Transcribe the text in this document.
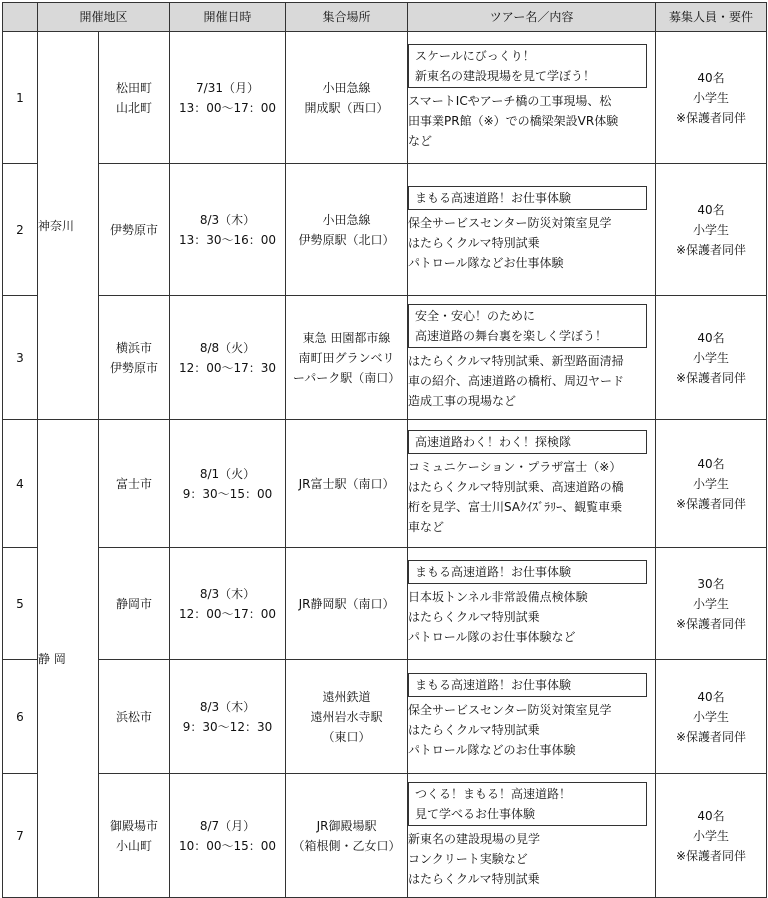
	開催地区		開催日時	集合場所	ツアー名／内容	募集人員・要件
1	神奈川	松田町
山北町	7/31（月）
13：00～17：00	小田急線
開成駅（西口）	スケールにびっくり！
新東名の建設現場を見て学ぼう！
スマートICやアーチ橋の工事現場、松
田事業PR館（※）での橋梁架設VR体験
など	40名
小学生
※保護者同伴

2		伊勢原市	8/3（木）
13：30～16：00	小田急線
伊勢原駅（北口）	まもる高速道路！お仕事体験
保全サービスセンター防災対策室見学
はたらくクルマ特別試乗
パトロール隊などお仕事体験	40名
小学生
※保護者同伴

3		横浜市
伊勢原市	8/8（火）
12：00～17：30	東急 田園都市線
南町田グランベリ
ーパーク駅（南口）	安全・安心！のために
高速道路の舞台裏を楽しく学ぼう！
はたらくクルマ特別試乗、新型路面清掃
車の紹介、高速道路の橋桁、周辺ヤード
造成工事の現場など	40名
小学生
※保護者同伴

4	静 岡	富士市	8/1（火）
9：30～15：00	JR富士駅（南口）	高速道路わく！わく！探検隊
コミュニケーション・プラザ富士（※）
はたらくクルマ特別試乗、高速道路の橋
桁を見学、富士川SAｸｲｽﾞﾗﾘｰ、観覧車乗
車など	40名
小学生
※保護者同伴

5		静岡市	8/3（木）
12：00～17：00	JR静岡駅（南口）	まもる高速道路！お仕事体験
日本坂トンネル非常設備点検体験
はたらくクルマ特別試乗
パトロール隊のお仕事体験など	30名
小学生
※保護者同伴

6		浜松市	8/3（木）
9：30～12：30	遠州鉄道
遠州岩水寺駅
（東口）	まもる高速道路！お仕事体験
保全サービスセンター防災対策室見学
はたらくクルマ特別試乗
パトロール隊などのお仕事体験	40名
小学生
※保護者同伴

7		御殿場市
小山町	8/7（月）
10：00～15：00	JR御殿場駅
（箱根側・乙女口）	つくる！まもる！高速道路！
見て学べるお仕事体験
新東名の建設現場の見学
コンクリート実験など
はたらくクルマ特別試乗	40名
小学生
※保護者同伴
